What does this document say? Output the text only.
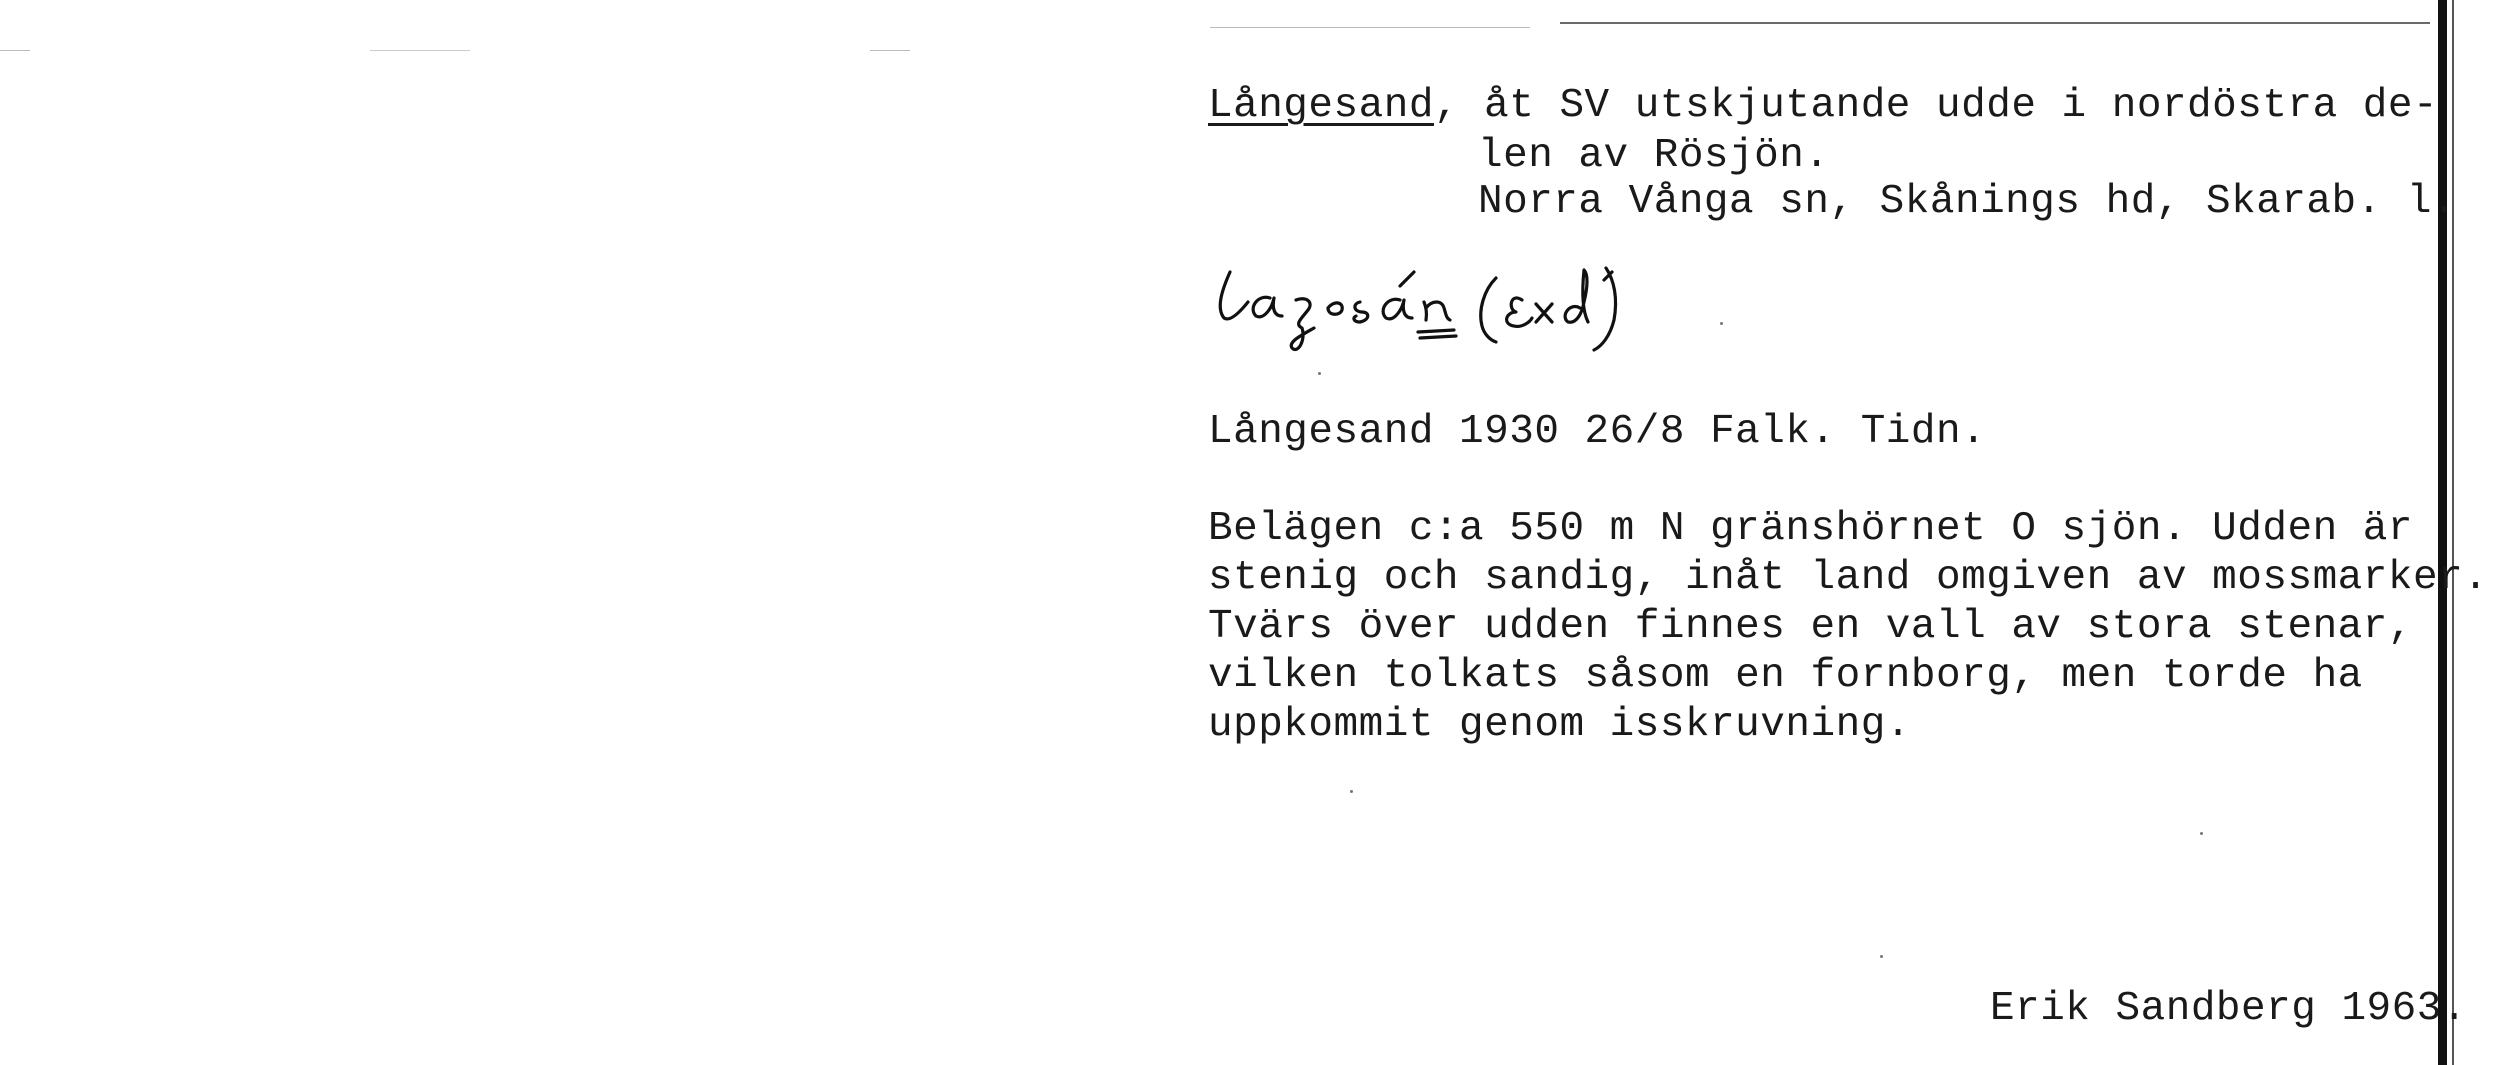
Långesand, åt SV utskjutande udde i nordöstra de-
len av Rösjön.
Norra Vånga sn, Skånings hd, Skarab. l.
Långesand 1930 26/8 Falk. Tidn.
Belägen c:a 550 m N gränshörnet O sjön. Udden är
stenig och sandig, inåt land omgiven av mossmarker.
Tvärs över udden finnes en vall av stora stenar,
vilken tolkats såsom en fornborg, men torde ha
uppkommit genom isskruvning.
Erik Sandberg 1963.
